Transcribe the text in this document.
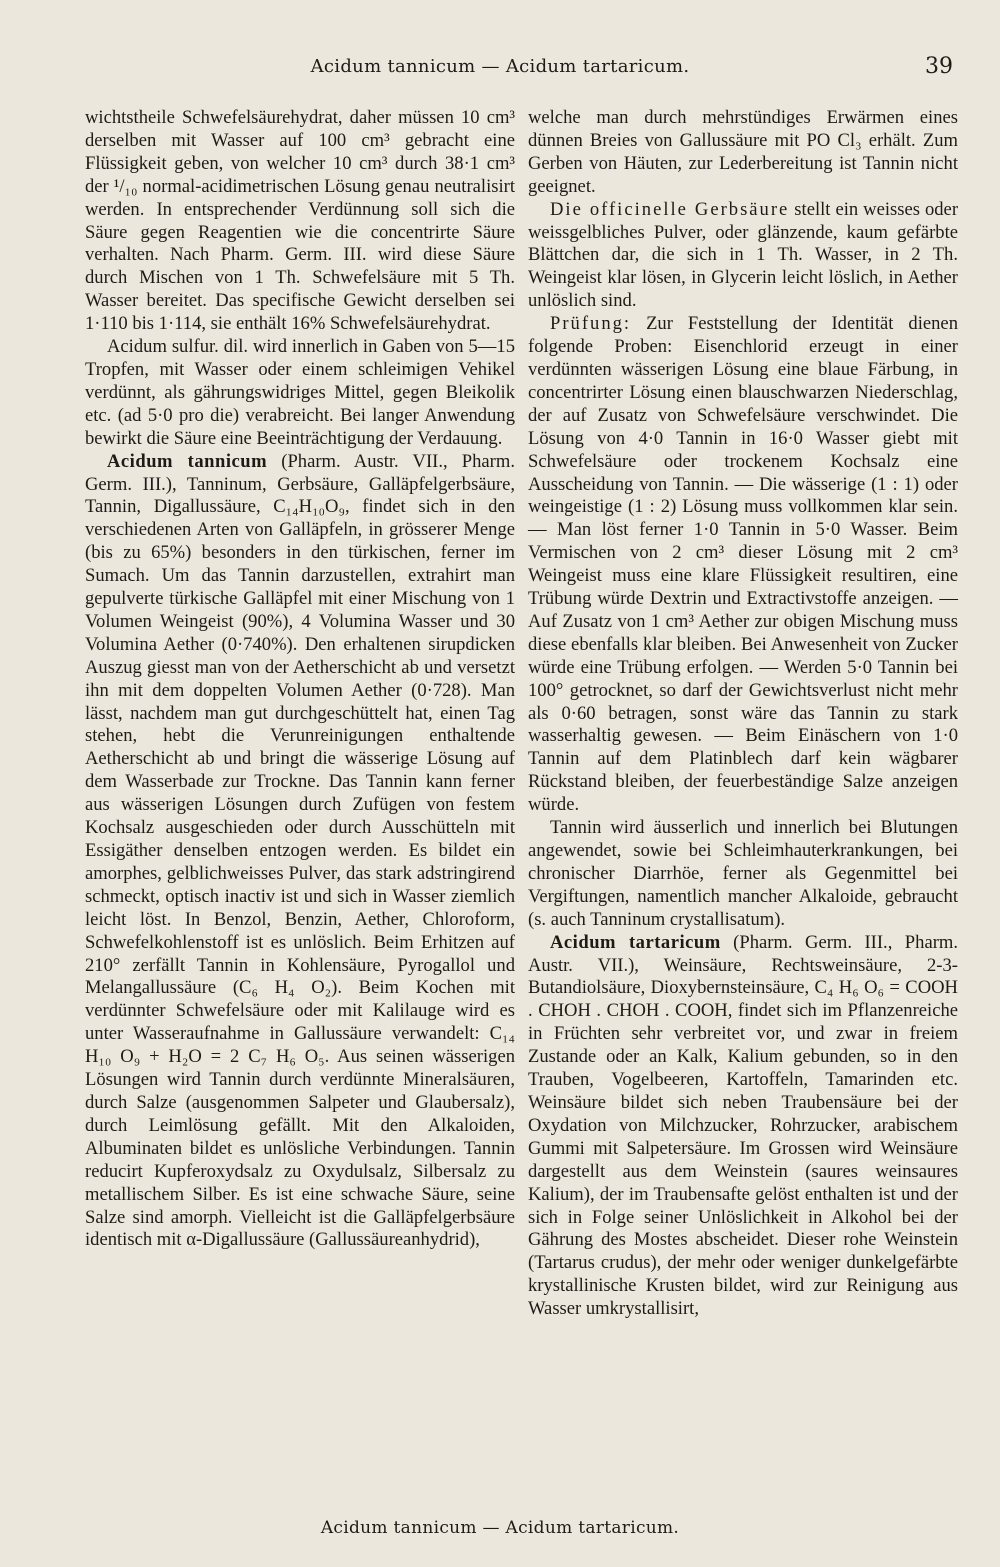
Acidum tannicum — Acidum tartaricum.	39

wichtstheile Schwefelsäurehydrat, daher müssen 10 cm³ derselben mit Wasser auf 100 cm³ gebracht eine Flüssigkeit geben, von welcher 10 cm³ durch 38·1 cm³ der ¹/₁₀ normal-acidimetrischen Lösung genau neutralisirt werden. In entsprechender Verdünnung soll sich die Säure gegen Reagentien wie die concentrirte Säure verhalten. Nach Pharm. Germ. III. wird diese Säure durch Mischen von 1 Th. Schwefelsäure mit 5 Th. Wasser bereitet. Das specifische Gewicht derselben sei 1·110 bis 1·114, sie enthält 16% Schwefelsäurehydrat.

Acidum sulfur. dil. wird innerlich in Gaben von 5—15 Tropfen, mit Wasser oder einem schleimigen Vehikel verdünnt, als gährungswidriges Mittel, gegen Bleikolik etc. (ad 5·0 pro die) verabreicht. Bei langer Anwendung bewirkt die Säure eine Beeinträchtigung der Verdauung.

Acidum tannicum (Pharm. Austr. VII., Pharm. Germ. III.), Tanninum, Gerbsäure, Galläpfelgerbsäure, Tannin, Digallussäure, C₁₄H₁₀O₉, findet sich in den verschiedenen Arten von Galläpfeln, in grösserer Menge (bis zu 65%) besonders in den türkischen, ferner im Sumach. Um das Tannin darzustellen, extrahirt man gepulverte türkische Galläpfel mit einer Mischung von 1 Volumen Weingeist (90%), 4 Volumina Wasser und 30 Volumina Aether (0·740%). Den erhaltenen sirupdicken Auszug giesst man von der Aetherschicht ab und versetzt ihn mit dem doppelten Volumen Aether (0·728). Man lässt, nachdem man gut durchgeschüttelt hat, einen Tag stehen, hebt die Verunreinigungen enthaltende Aetherschicht ab und bringt die wässerige Lösung auf dem Wasserbade zur Trockne. Das Tannin kann ferner aus wässerigen Lösungen durch Zufügen von festem Kochsalz ausgeschieden oder durch Ausschütteln mit Essigäther denselben entzogen werden. Es bildet ein amorphes, gelblichweisses Pulver, das stark adstringirend schmeckt, optisch inactiv ist und sich in Wasser ziemlich leicht löst. In Benzol, Benzin, Aether, Chloroform, Schwefelkohlenstoff ist es unlöslich. Beim Erhitzen auf 210° zerfällt Tannin in Kohlensäure, Pyrogallol und Melangallussäure (C₆ H₄ O₂). Beim Kochen mit verdünnter Schwefelsäure oder mit Kalilauge wird es unter Wasseraufnahme in Gallussäure verwandelt: C₁₄ H₁₀ O₉ + H₂O = 2 C₇ H₆ O₅. Aus seinen wässerigen Lösungen wird Tannin durch verdünnte Mineralsäuren, durch Salze (ausgenommen Salpeter und Glaubersalz), durch Leimlösung gefällt. Mit den Alkaloiden, Albuminaten bildet es unlösliche Verbindungen. Tannin reducirt Kupferoxydsalz zu Oxydulsalz, Silbersalz zu metallischem Silber. Es ist eine schwache Säure, seine Salze sind amorph. Vielleicht ist die Galläpfelgerbsäure identisch mit α-Digallussäure (Gallussäureanhydrid),

welche man durch mehrstündiges Erwärmen eines dünnen Breies von Gallussäure mit PO Cl₃ erhält. Zum Gerben von Häuten, zur Lederbereitung ist Tannin nicht geeignet.

Die officinelle Gerbsäure stellt ein weisses oder weissgelbliches Pulver, oder glänzende, kaum gefärbte Blättchen dar, die sich in 1 Th. Wasser, in 2 Th. Weingeist klar lösen, in Glycerin leicht löslich, in Aether unlöslich sind.

Prüfung: Zur Feststellung der Identität dienen folgende Proben: Eisenchlorid erzeugt in einer verdünnten wässerigen Lösung eine blaue Färbung, in concentrirter Lösung einen blauschwarzen Niederschlag, der auf Zusatz von Schwefelsäure verschwindet. Die Lösung von 4·0 Tannin in 16·0 Wasser giebt mit Schwefelsäure oder trockenem Kochsalz eine Ausscheidung von Tannin. — Die wässerige (1 : 1) oder weingeistige (1 : 2) Lösung muss vollkommen klar sein. — Man löst ferner 1·0 Tannin in 5·0 Wasser. Beim Vermischen von 2 cm³ dieser Lösung mit 2 cm³ Weingeist muss eine klare Flüssigkeit resultiren, eine Trübung würde Dextrin und Extractivstoffe anzeigen. — Auf Zusatz von 1 cm³ Aether zur obigen Mischung muss diese ebenfalls klar bleiben. Bei Anwesenheit von Zucker würde eine Trübung erfolgen. — Werden 5·0 Tannin bei 100° getrocknet, so darf der Gewichtsverlust nicht mehr als 0·60 betragen, sonst wäre das Tannin zu stark wasserhaltig gewesen. — Beim Einäschern von 1·0 Tannin auf dem Platinblech darf kein wägbarer Rückstand bleiben, der feuerbeständige Salze anzeigen würde.

Tannin wird äusserlich und innerlich bei Blutungen angewendet, sowie bei Schleimhauterkrankungen, bei chronischer Diarrhöe, ferner als Gegenmittel bei Vergiftungen, namentlich mancher Alkaloide, gebraucht (s. auch Tanninum crystallisatum).

Acidum tartaricum (Pharm. Germ. III., Pharm. Austr. VII.), Weinsäure, Rechtsweinsäure, 2-3-Butandiolsäure, Dioxybernsteinsäure, C₄ H₆ O₆ = COOH . CHOH . CHOH . COOH, findet sich im Pflanzenreiche in Früchten sehr verbreitet vor, und zwar in freiem Zustande oder an Kalk, Kalium gebunden, so in den Trauben, Vogelbeeren, Kartoffeln, Tamarinden etc. Weinsäure bildet sich neben Traubensäure bei der Oxydation von Milchzucker, Rohrzucker, arabischem Gummi mit Salpetersäure. Im Grossen wird Weinsäure dargestellt aus dem Weinstein (saures weinsaures Kalium), der im Traubensafte gelöst enthalten ist und der sich in Folge seiner Unlöslichkeit in Alkohol bei der Gährung des Mostes abscheidet. Dieser rohe Weinstein (Tartarus crudus), der mehr oder weniger dunkelgefärbte krystallinische Krusten bildet, wird zur Reinigung aus Wasser umkrystallisirt,

Acidum tannicum — Acidum tartaricum.
